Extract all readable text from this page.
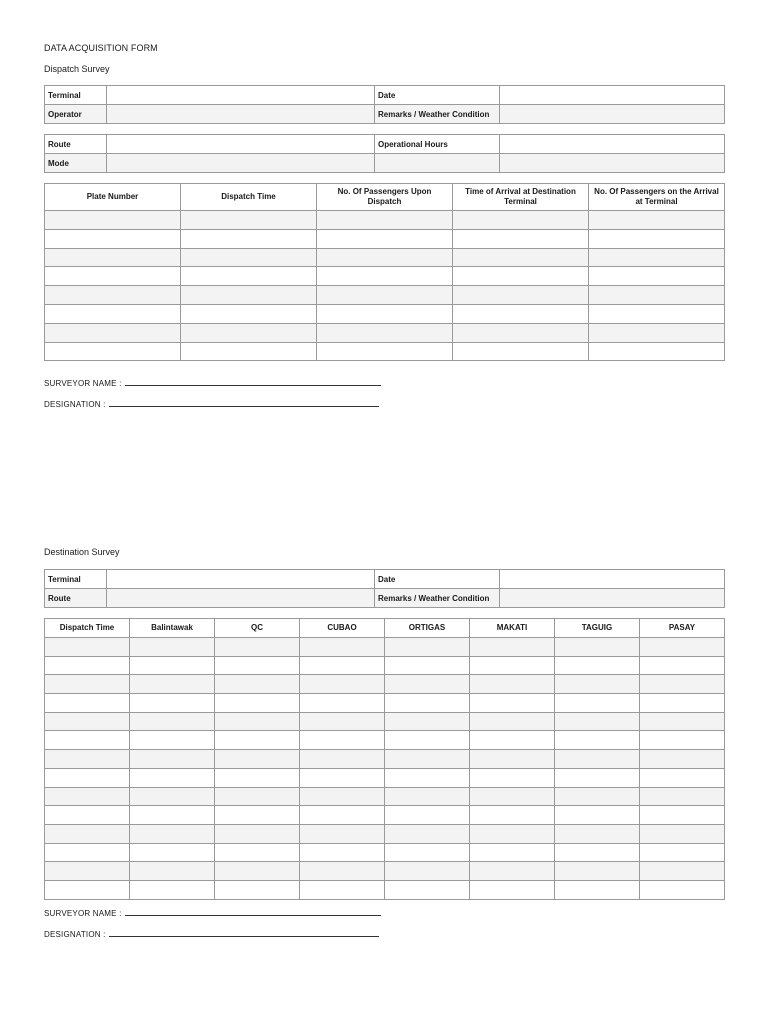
DATA ACQUISITION FORM
Dispatch Survey
Terminal		Date	
Operator		Remarks / Weather Condition	
Route		Operational Hours	
Mode			
Plate Number	Dispatch Time	No. Of Passengers Upon Dispatch	Time of Arrival at Destination Terminal	No. Of Passengers on the Arrival at Terminal

SURVEYOR NAME :
DESIGNATION :
Destination Survey
Terminal		Date	
Route		Remarks / Weather Condition	
Dispatch Time	Balintawak	QC	CUBAO	ORTIGAS	MAKATI	TAGUIG	PASAY

SURVEYOR NAME :
DESIGNATION :
